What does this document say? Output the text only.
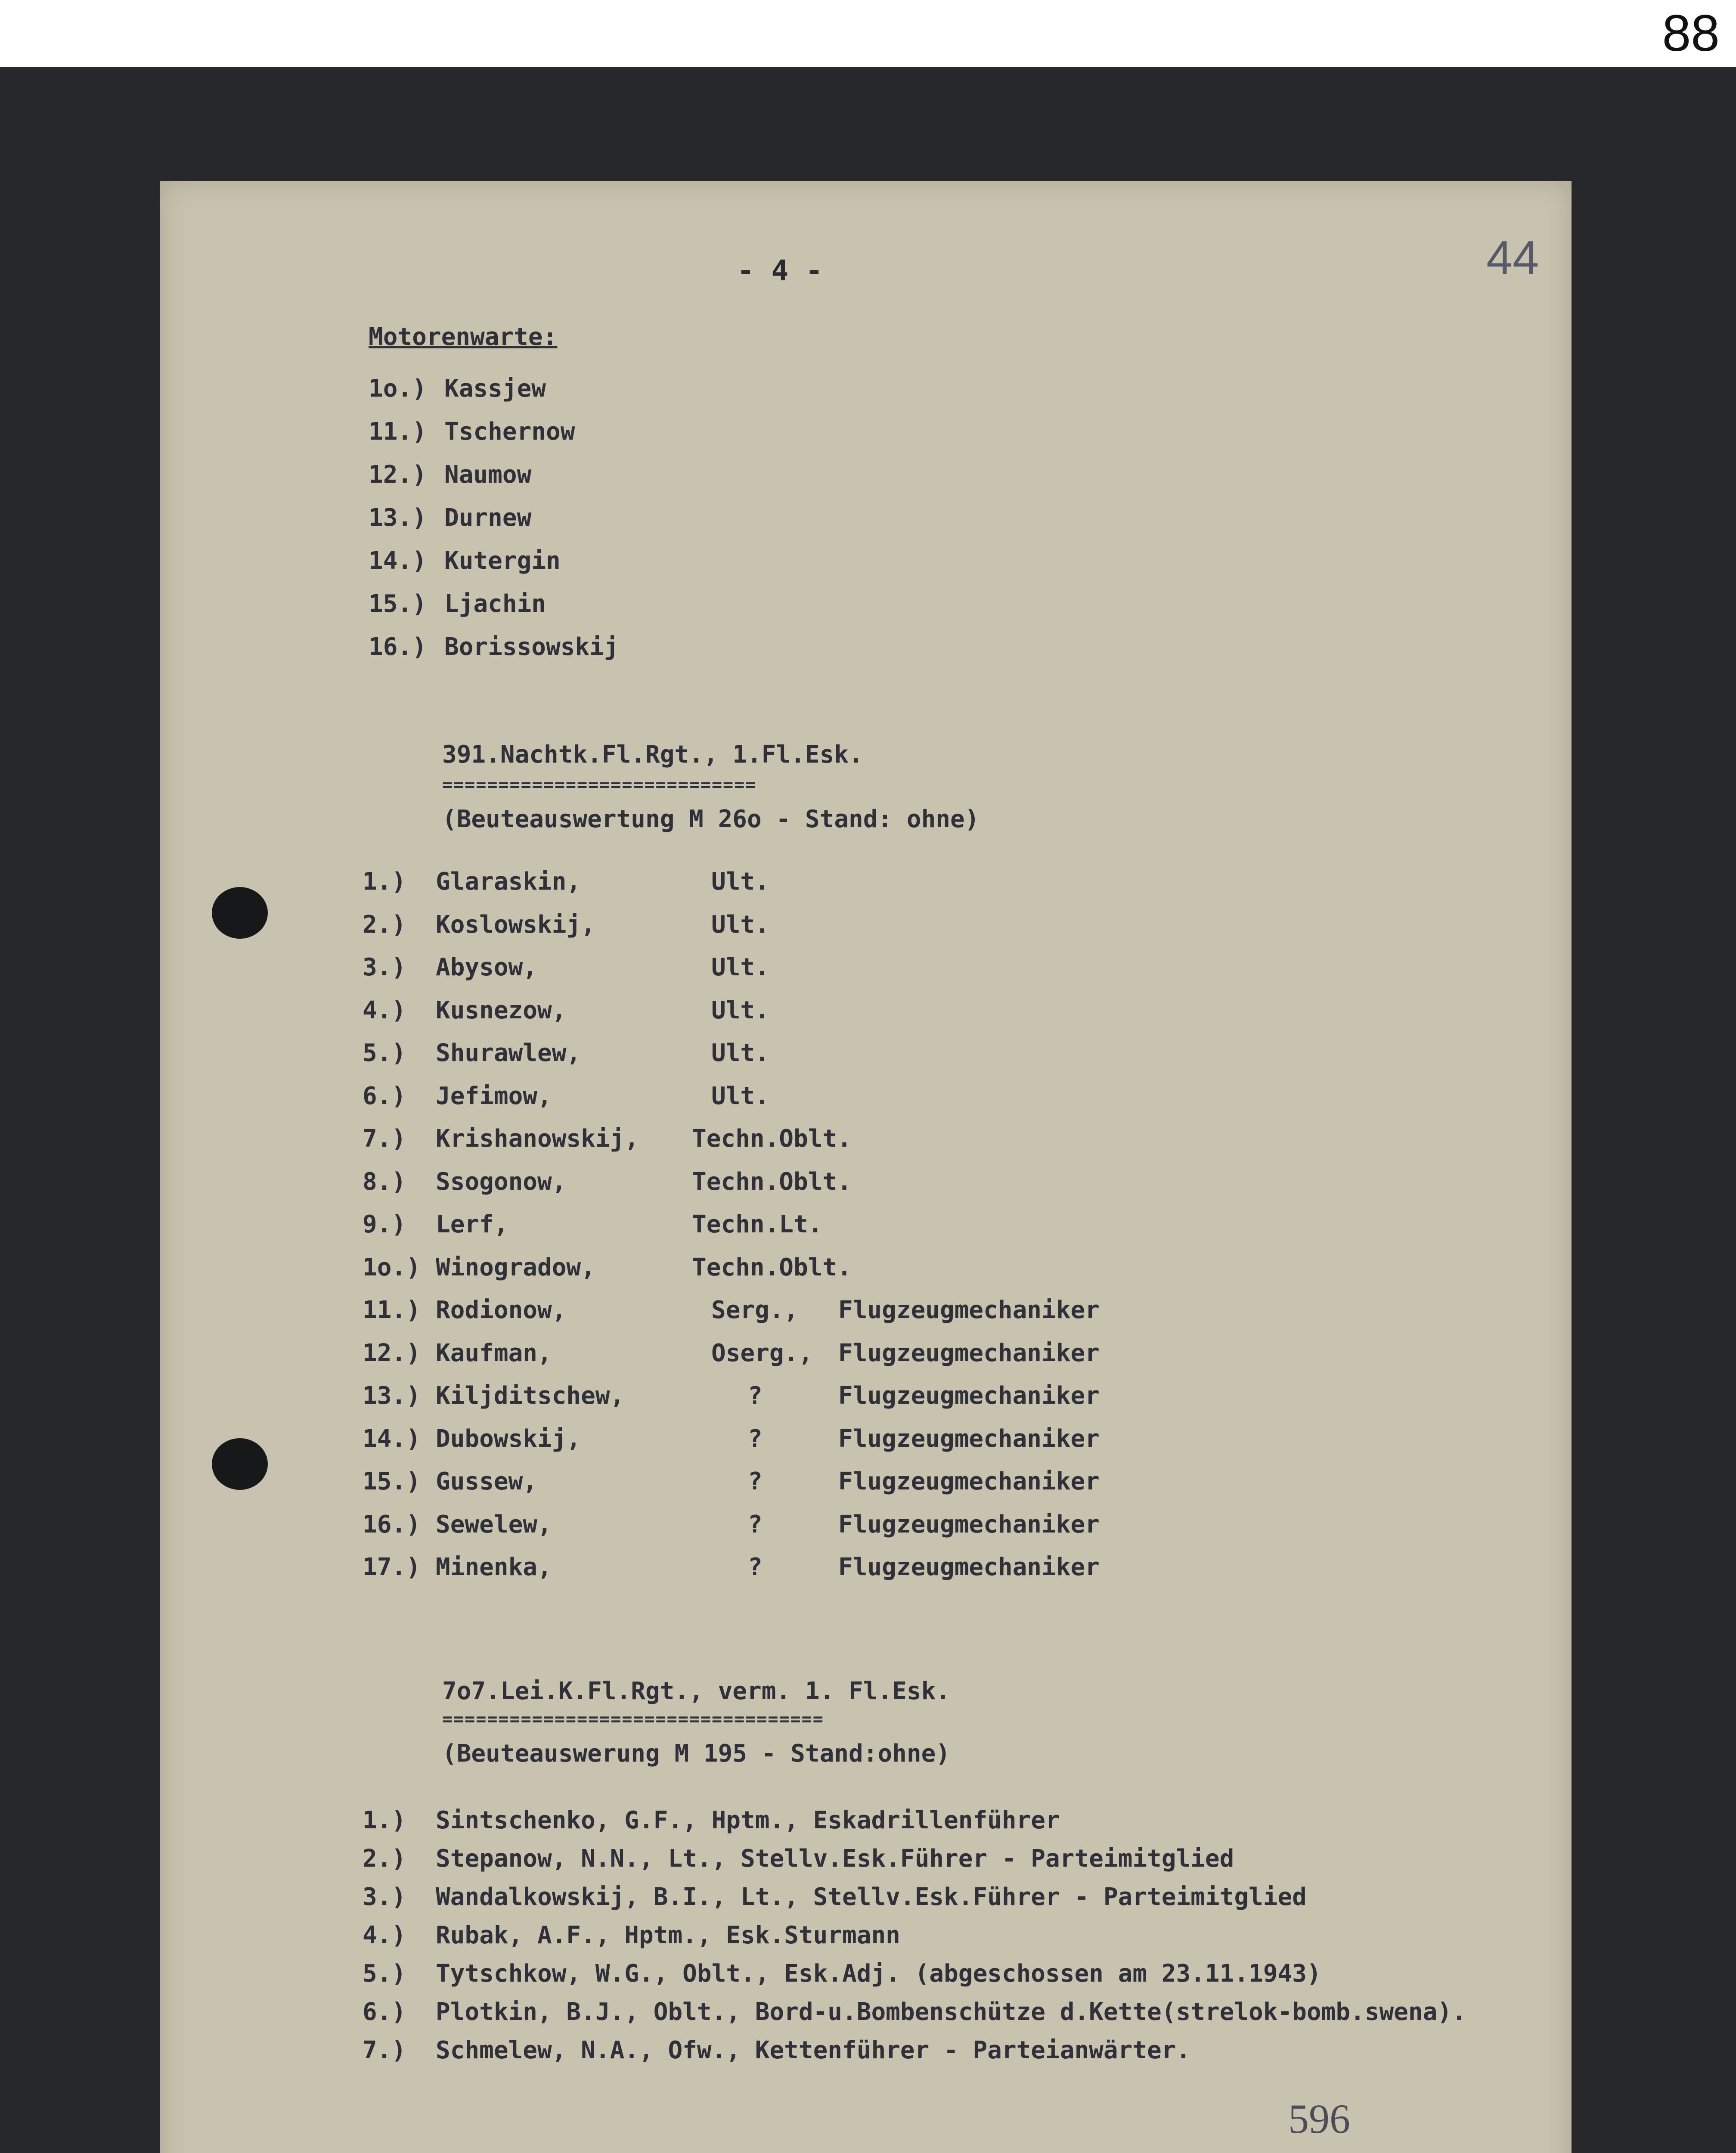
88
- 4 -	44
Motorenwarte:
1o.) Kassjew
11.) Tschernow
12.) Naumow
13.) Durnew
14.) Kutergin
15.) Ljachin
16.) Borissowskij
391.Nachtk.Fl.Rgt., 1.Fl.Esk.
============================
(Beuteauswertung M 26o - Stand: ohne)
1.) Glaraskin,	Ult.
2.) Koslowskij,	Ult.
3.) Abysow,	Ult.
4.) Kusnezow,	Ult.
5.) Shurawlew,	Ult.
6.) Jefimow,	Ult.
7.) Krishanowskij, Techn.Oblt.
8.) Ssogonow,	Techn.Oblt.
9.) Lerf,	Techn.Lt.
1o.) Winogradow,	Techn.Oblt.
11.) Rodionow,	Serg., Flugzeugmechaniker
12.) Kaufman,	Oserg., Flugzeugmechaniker
13.) Kiljditschew,	?	Flugzeugmechaniker
14.) Dubowskij,	?	Flugzeugmechaniker
15.) Gussew,	?	Flugzeugmechaniker
16.) Sewelew,	?	Flugzeugmechaniker
17.) Minenka,	?	Flugzeugmechaniker
7o7.Lei.K.Fl.Rgt., verm. 1. Fl.Esk.
==================================
(Beuteauswerung M 195 - Stand:ohne)
1.) Sintschenko, G.F., Hptm., Eskadrillenführer
2.) Stepanow, N.N., Lt., Stellv.Esk.Führer - Parteimitglied
3.) Wandalkowskij, B.I., Lt., Stellv.Esk.Führer - Parteimitglied
4.) Rubak, A.F., Hptm., Esk.Sturmann
5.) Tytschkow, W.G., Oblt., Esk.Adj. (abgeschossen am 23.11.1943)
6.) Plotkin, B.J., Oblt., Bord-u.Bombenschütze d.Kette(strelok-bomb.swena).
7.) Schmelew, N.A., Ofw., Kettenführer - Parteianwärter.
596
